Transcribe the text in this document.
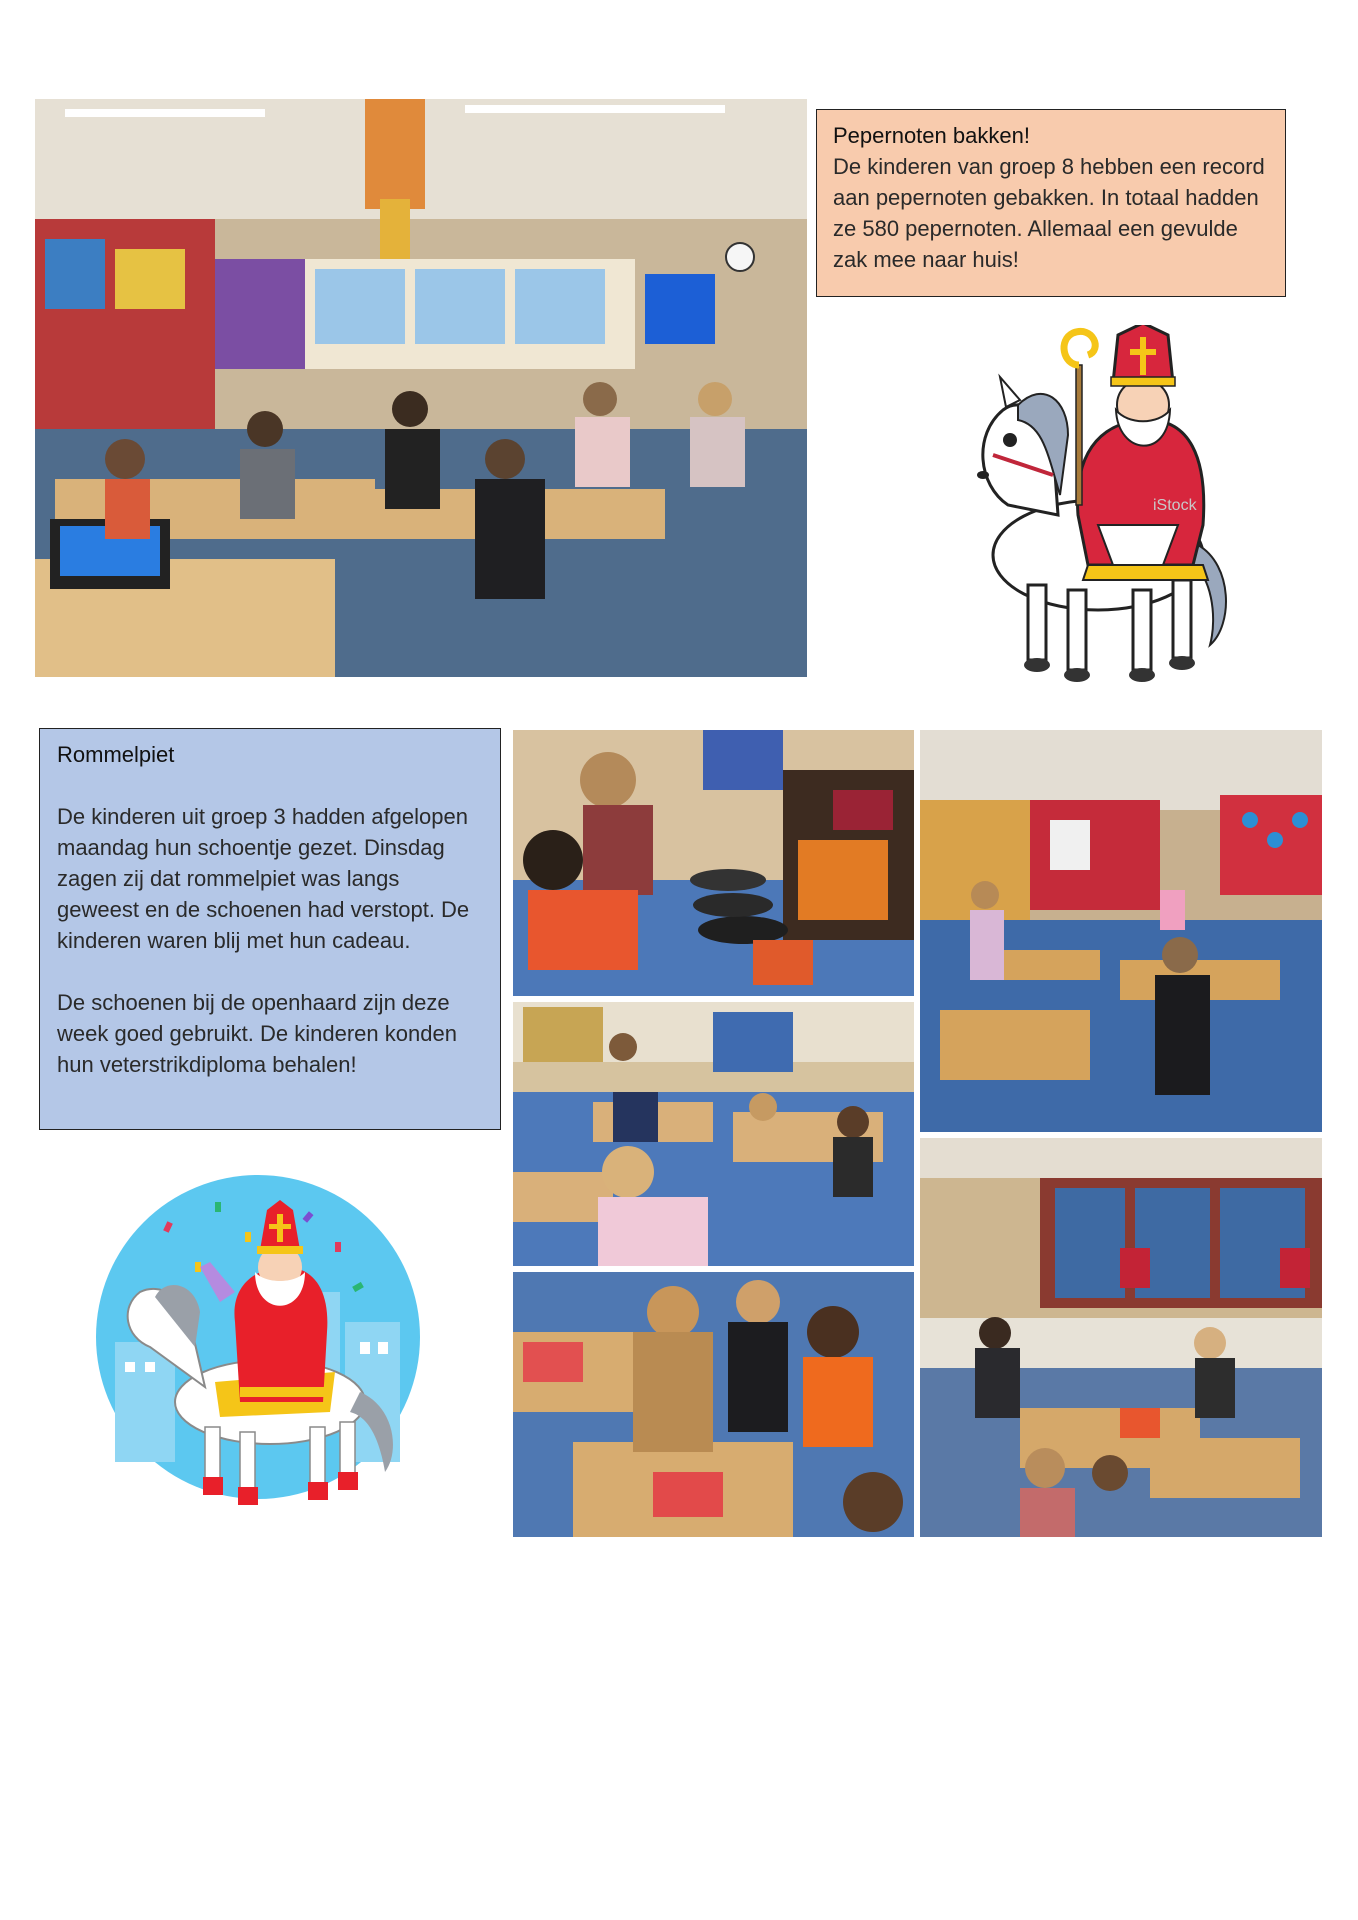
Pepernoten bakken!

De kinderen van groep 8 hebben een record aan pepernoten gebakken. In totaal hadden ze 580 pepernoten. Allemaal een gevulde zak mee naar huis!

iStock

Rommelpiet

De kinderen uit groep 3 hadden afgelopen maandag hun schoentje gezet. Dinsdag zagen zij dat rommelpiet was langs geweest en de schoenen had verstopt. De kinderen waren blij met hun cadeau.

De schoenen bij de openhaard zijn deze week goed gebruikt. De kinderen konden hun veterstrikdiploma behalen!
